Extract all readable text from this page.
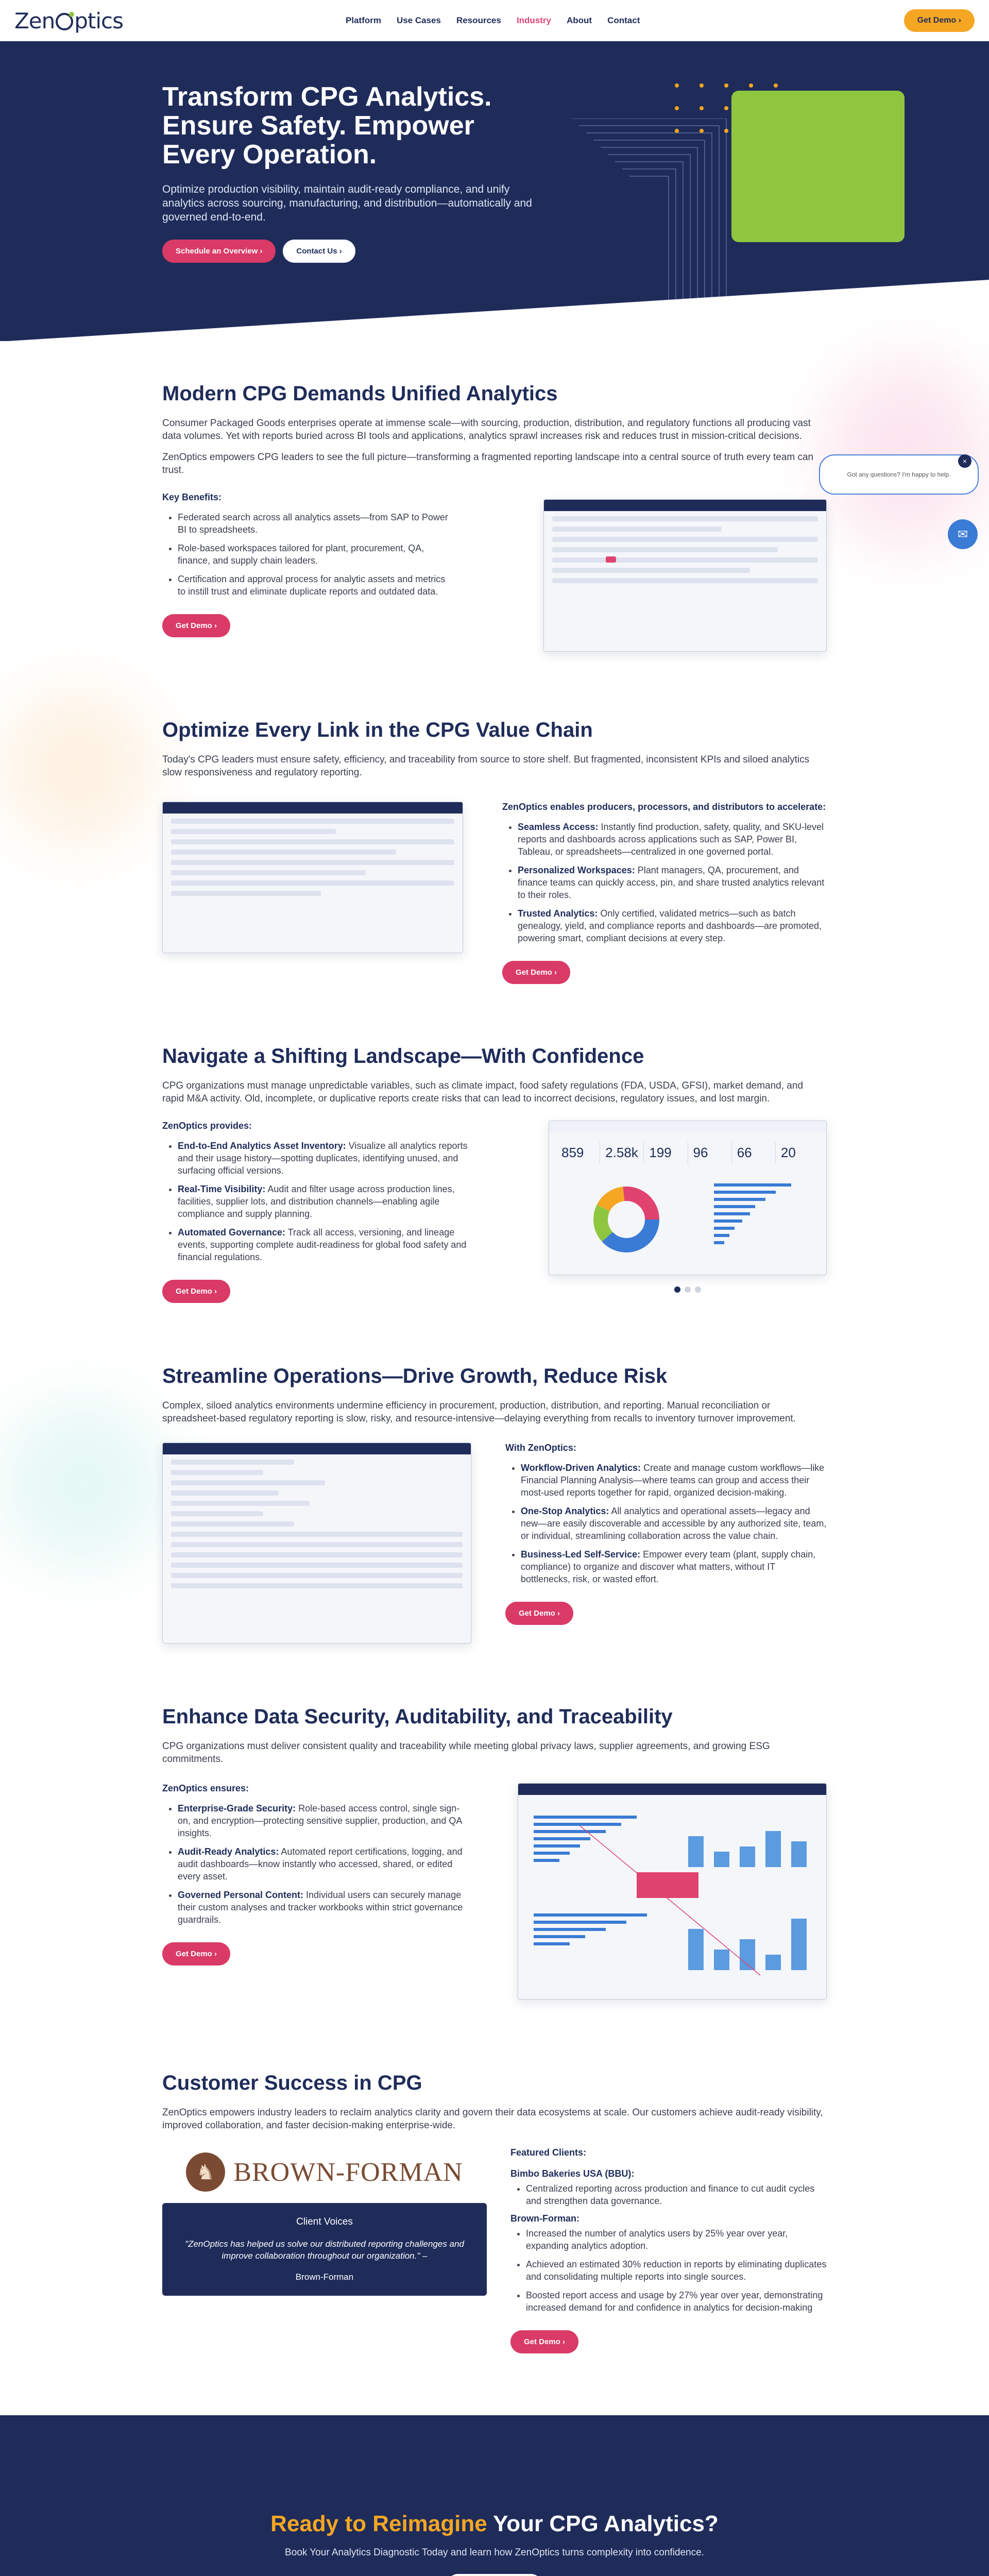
Zen ptics	Platform Use Cases Resources Industry About Contact	Get Demo ›
Transform CPG Analytics. Ensure Safety. Empower Every Operation.

Optimize production visibility, maintain audit-ready compliance, and unify analytics across sourcing, manufacturing, and distribution—automatically and governed end-to-end.

Schedule an Overview ›	Contact Us ›
Got any questions? I'm happy to help.
×
✉
Modern CPG Demands Unified Analytics

Consumer Packaged Goods enterprises operate at immense scale—with sourcing, production, distribution, and regulatory functions all producing vast data volumes. Yet with reports buried across BI tools and applications, analytics sprawl increases risk and reduces trust in mission-critical decisions.

ZenOptics empowers CPG leaders to see the full picture—transforming a fragmented reporting landscape into a central source of truth every team can trust.

Key Benefits:
• Federated search across all analytics assets—from SAP to Power BI to spreadsheets.
• Role-based workspaces tailored for plant, procurement, QA, finance, and supply chain leaders.
• Certification and approval process for analytic assets and metrics to instill trust and eliminate duplicate reports and outdated data.
Get Demo ›
Optimize Every Link in the CPG Value Chain

Today's CPG leaders must ensure safety, efficiency, and traceability from source to store shelf. But fragmented, inconsistent KPIs and siloed analytics slow responsiveness and regulatory reporting.

ZenOptics enables producers, processors, and distributors to accelerate:
• Seamless Access: Instantly find production, safety, quality, and SKU-level reports and dashboards across applications such as SAP, Power BI, Tableau, or spreadsheets—centralized in one governed portal.
• Personalized Workspaces: Plant managers, QA, procurement, and finance teams can quickly access, pin, and share trusted analytics relevant to their roles.
• Trusted Analytics: Only certified, validated metrics—such as batch genealogy, yield, and compliance reports and dashboards—are promoted, powering smart, compliant decisions at every step.
Get Demo ›
Navigate a Shifting Landscape—With Confidence

CPG organizations must manage unpredictable variables, such as climate impact, food safety regulations (FDA, USDA, GFSI), market demand, and rapid M&A activity. Old, incomplete, or duplicative reports create risks that can lead to incorrect decisions, regulatory issues, and lost margin.

ZenOptics provides:
• End-to-End Analytics Asset Inventory: Visualize all analytics reports and their usage history—spotting duplicates, identifying unused, and surfacing official versions.
• Real-Time Visibility: Audit and filter usage across production lines, facilities, supplier lots, and distribution channels—enabling agile compliance and supply planning.
• Automated Governance: Track all access, versioning, and lineage events, supporting complete audit-readiness for global food safety and financial regulations.
Get Demo ›
859	2.58k 199	96	66	20
Streamline Operations—Drive Growth, Reduce Risk

Complex, siloed analytics environments undermine efficiency in procurement, production, distribution, and reporting. Manual reconciliation or spreadsheet-based regulatory reporting is slow, risky, and resource-intensive—delaying everything from recalls to inventory turnover improvement.

With ZenOptics:
• Workflow-Driven Analytics: Create and manage custom workflows—like Financial Planning Analysis—where teams can group and access their most-used reports together for rapid, organized decision-making.
• One-Stop Analytics: All analytics and operational assets—legacy and new—are easily discoverable and accessible by any authorized site, team, or individual, streamlining collaboration across the value chain.
• Business-Led Self-Service: Empower every team (plant, supply chain, compliance) to organize and discover what matters, without IT bottlenecks, risk, or wasted effort.
Get Demo ›
Enhance Data Security, Auditability, and Traceability

CPG organizations must deliver consistent quality and traceability while meeting global privacy laws, supplier agreements, and growing ESG commitments.

ZenOptics ensures:
• Enterprise-Grade Security: Role-based access control, single sign-on, and encryption—protecting sensitive supplier, production, and QA insights.
• Audit-Ready Analytics: Automated report certifications, logging, and audit dashboards—know instantly who accessed, shared, or edited every asset.
• Governed Personal Content: Individual users can securely manage their custom analyses and tracker workbooks within strict governance guardrails.
Get Demo ›
Customer Success in CPG

ZenOptics empowers industry leaders to reclaim analytics clarity and govern their data ecosystems at scale. Our customers achieve audit-ready visibility, improved collaboration, and faster decision-making enterprise-wide.

♞ BROWN-FORMAN
Client Voices

"ZenOptics has helped us solve our distributed reporting challenges and improve collaboration throughout our organization." –

Brown-Forman
Featured Clients:
Bimbo Bakeries USA (BBU):
• Centralized reporting across production and finance to cut audit cycles and strengthen data governance.
Brown-Forman:
• Increased the number of analytics users by 25% year over year, expanding analytics adoption.
• Achieved an estimated 30% reduction in reports by eliminating duplicates and consolidating multiple reports into single sources.
• Boosted report access and usage by 27% year over year, demonstrating increased demand for and confidence in analytics for decision-making
Get Demo ›
Ready to Reimagine Your CPG Analytics?

Book Your Analytics Diagnostic Today and learn how ZenOptics turns complexity into confidence.
